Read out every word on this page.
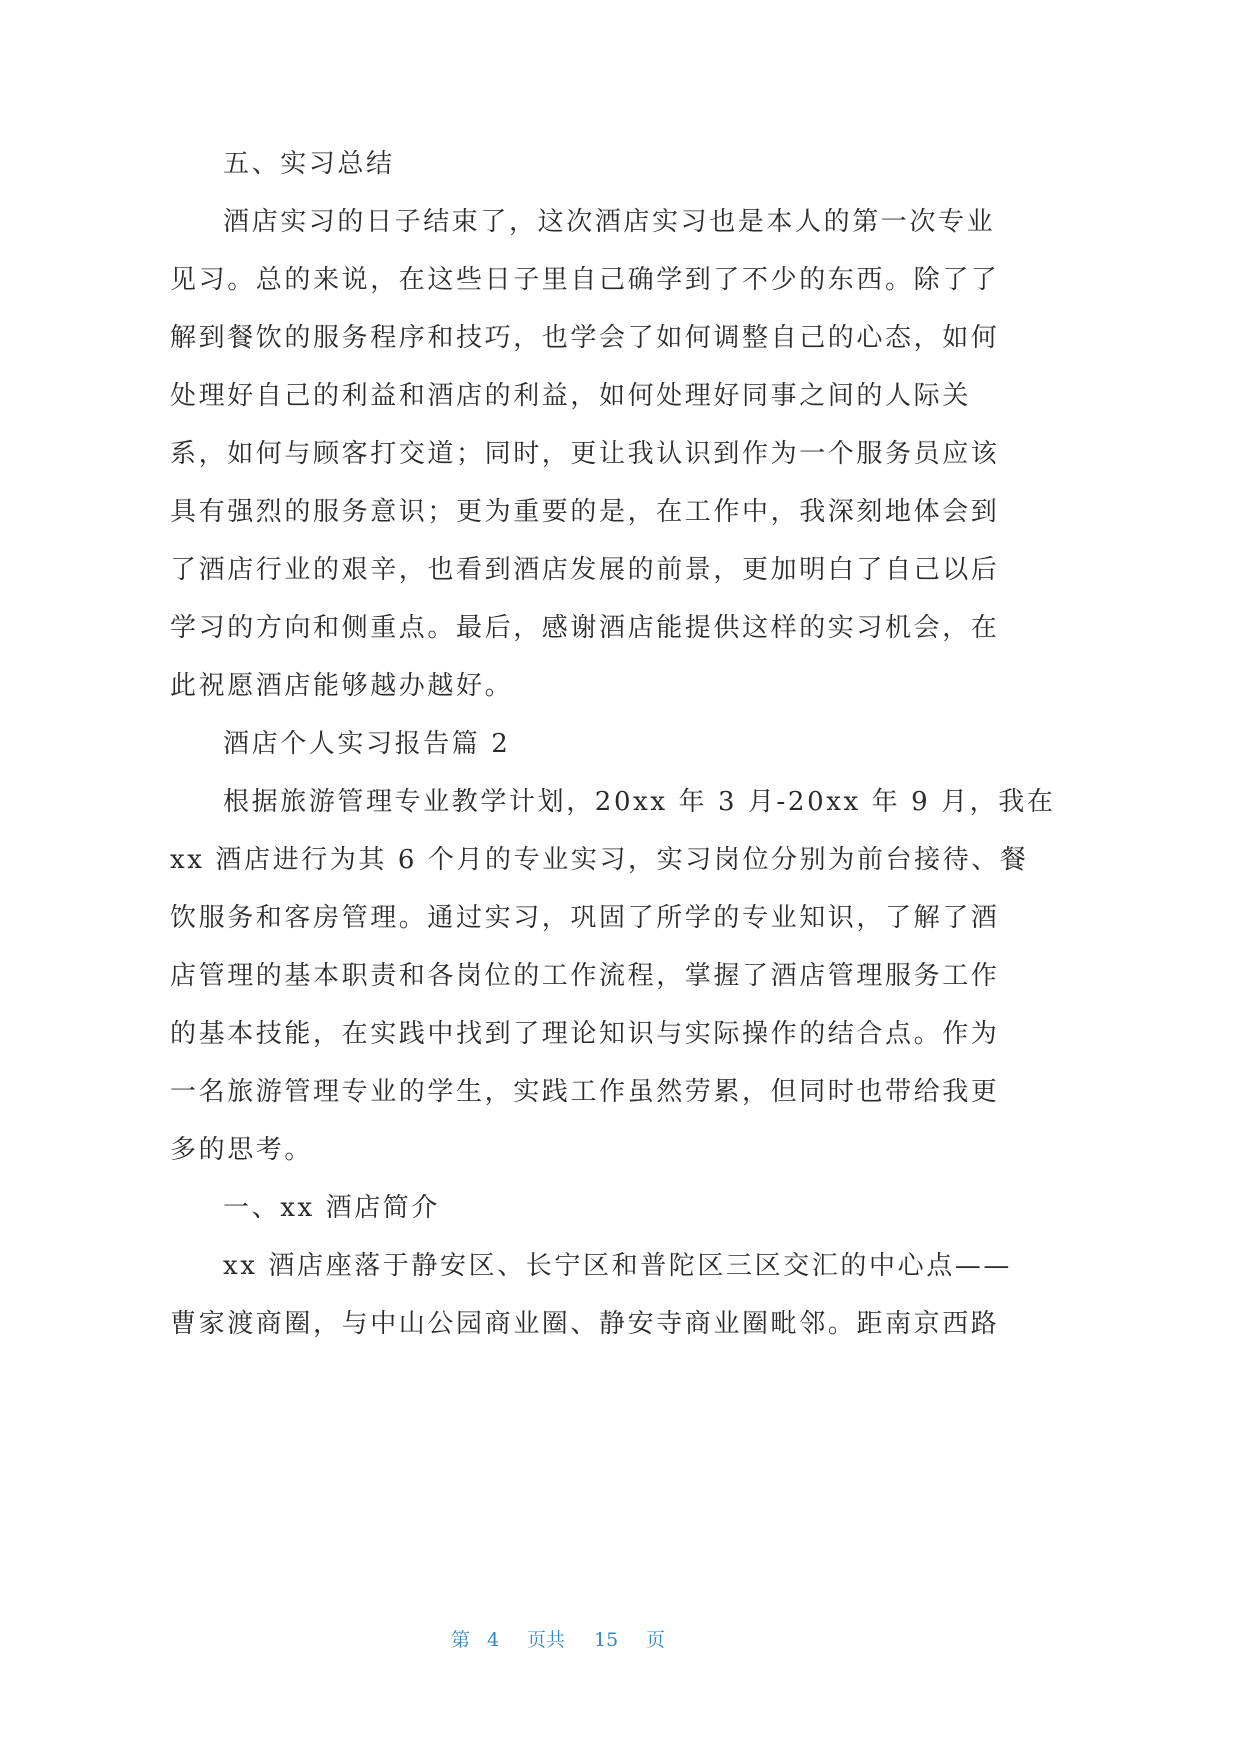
五、实习总结
酒店实习的日子结束了，这次酒店实习也是本人的第一次专业
见习。总的来说，在这些日子里自己确学到了不少的东西。除了了
解到餐饮的服务程序和技巧，也学会了如何调整自己的心态，如何
处理好自己的利益和酒店的利益，如何处理好同事之间的人际关
系，如何与顾客打交道；同时，更让我认识到作为一个服务员应该
具有强烈的服务意识；更为重要的是，在工作中，我深刻地体会到
了酒店行业的艰辛，也看到酒店发展的前景，更加明白了自己以后
学习的方向和侧重点。最后，感谢酒店能提供这样的实习机会，在
此祝愿酒店能够越办越好。
酒店个人实习报告篇 2
根据旅游管理专业教学计划，20xx 年 3 月-20xx 年 9 月，我在
xx 酒店进行为其 6 个月的专业实习，实习岗位分别为前台接待、餐
饮服务和客房管理。通过实习，巩固了所学的专业知识，了解了酒
店管理的基本职责和各岗位的工作流程，掌握了酒店管理服务工作
的基本技能，在实践中找到了理论知识与实际操作的结合点。作为
一名旅游管理专业的学生，实践工作虽然劳累，但同时也带给我更
多的思考。
一、xx 酒店简介
xx 酒店座落于静安区、长宁区和普陀区三区交汇的中心点——
曹家渡商圈，与中山公园商业圈、静安寺商业圈毗邻。距南京西路
第 4 页共 15 页
